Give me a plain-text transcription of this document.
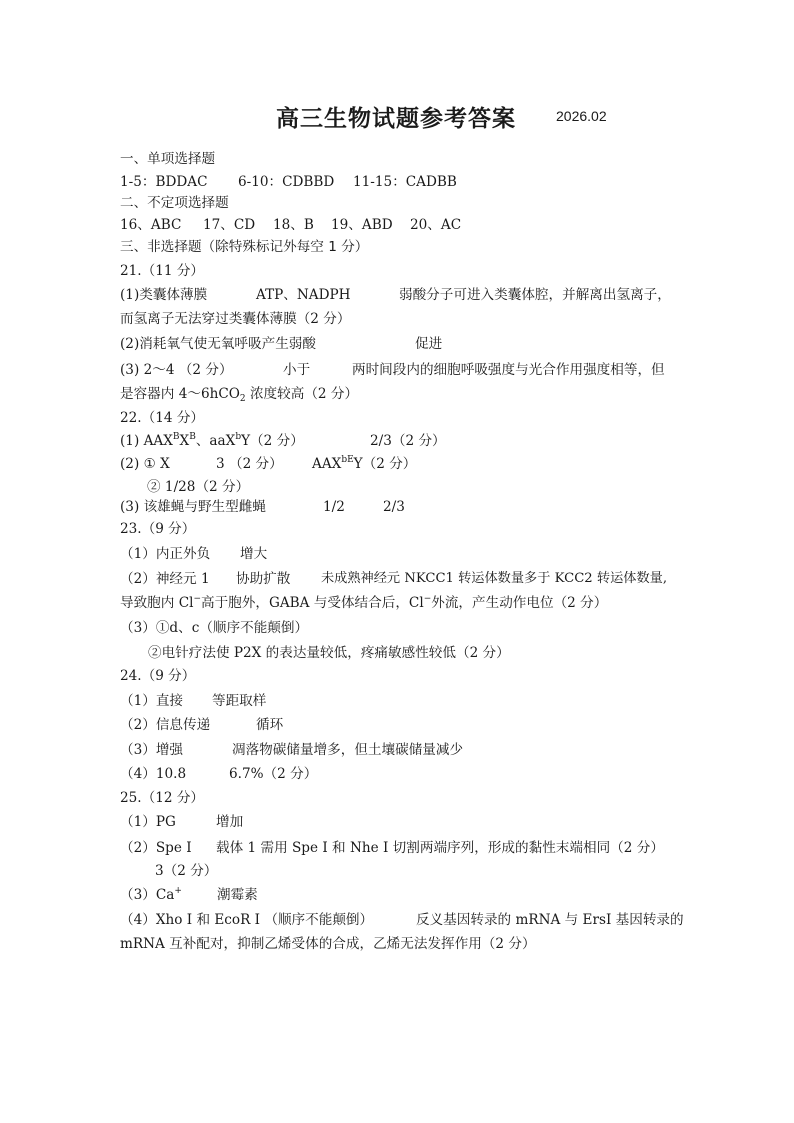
高三生物试题参考答案	2026.02
一、单项选择题
1-5：BDDAC 6-10：CDBBD 11-15：CADBB
二、不定项选择题
16、ABC 17、CD 18、B 19、ABD 20、AC
三、非选择题（除特殊标记外每空 1 分）
21.（11 分）
(1)类囊体薄膜	ATP、NADPH	弱酸分子可进入类囊体腔，并解离出氢离子，
而氢离子无法穿过类囊体薄膜（2 分）
(2)消耗氧气使无氧呼吸产生弱酸	促进
(3) 2～4 （2 分）	小于	两时间段内的细胞呼吸强度与光合作用强度相等，但
是容器内 4～6hCO$_2$ 浓度较高（2 分）
22.（14 分）
(1) $AAX^BX^B$、aaX$^b$Y（2 分）	2/3（2 分）
(2) ① X	3 （2 分） $AAX^{bE}Y(2$ 分）
② 1/28（2 分）
(3) 该雄蝇与野生型雌蝇	1/2	2/3
23.（9 分）
（1）内正外负 增大
（2）神经元 1 协助扩散 未成熟神经元 NKCC1 转运体数量多于 KCC2 转运体数量,
导致胞内 Cl−高于胞外，GABA 与受体结合后，Cl−外流，产生动作电位（2 分）
（3）①d、c（顺序不能颠倒）
②电针疗法使 P2X 的表达量较低，疼痛敏感性较低（2 分）
24.（9 分）
（1）直接 等距取样
（2）信息传递	循环
（3）增强	凋落物碳储量增多，但土壤碳储量减少
（4）10.8	6.7%（2 分）
25.（12 分）
（1）PG	增加
（2）Spe I 载体 1 需用 Spe I 和 Nhe I 切割两端序列，形成的黏性末端相同（2 分）
3（2 分）
（3）Ca+	潮霉素
（4）Xho I 和 EcoR I （顺序不能颠倒）	反义基因转录的 mRNA 与 ErsI 基因转录的
mRNA 互补配对，抑制乙烯受体的合成，乙烯无法发挥作用（2 分）
